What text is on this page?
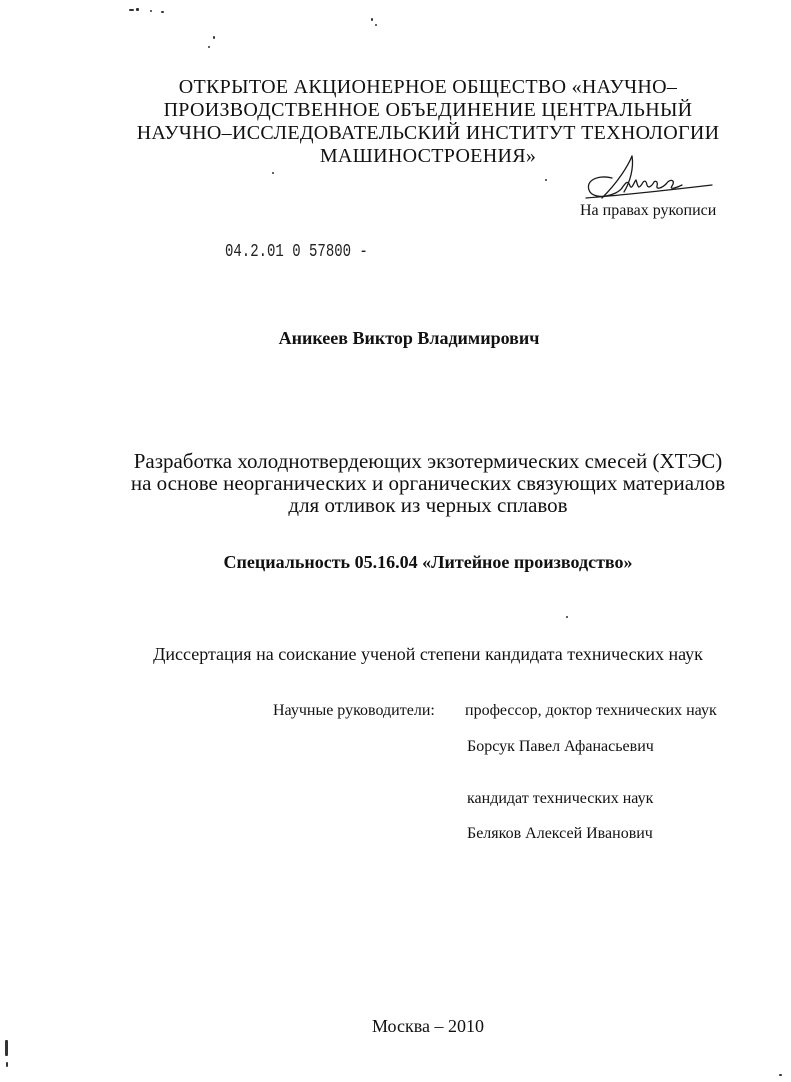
ОТКРЫТОЕ АКЦИОНЕРНОЕ ОБЩЕСТВО «НАУЧНО–
ПРОИЗВОДСТВЕННОЕ ОБЪЕДИНЕНИЕ ЦЕНТРАЛЬНЫЙ
НАУЧНО–ИССЛЕДОВАТЕЛЬСКИЙ ИНСТИТУТ ТЕХНОЛОГИИ
МАШИНОСТРОЕНИЯ»
На правах рукописи
04.2.01 0 57800 -
Аникеев Виктор Владимирович
Разработка холоднотвердеющих экзотермических смесей (ХТЭС)
на основе неорганических и органических связующих материалов
для отливок из черных сплавов
Специальность 05.16.04 «Литейное производство»
Диссертация на соискание ученой степени кандидата технических наук
Научные руководители: профессор, доктор технических наук
Борсук Павел Афанасьевич
кандидат технических наук
Беляков Алексей Иванович
Москва – 2010
